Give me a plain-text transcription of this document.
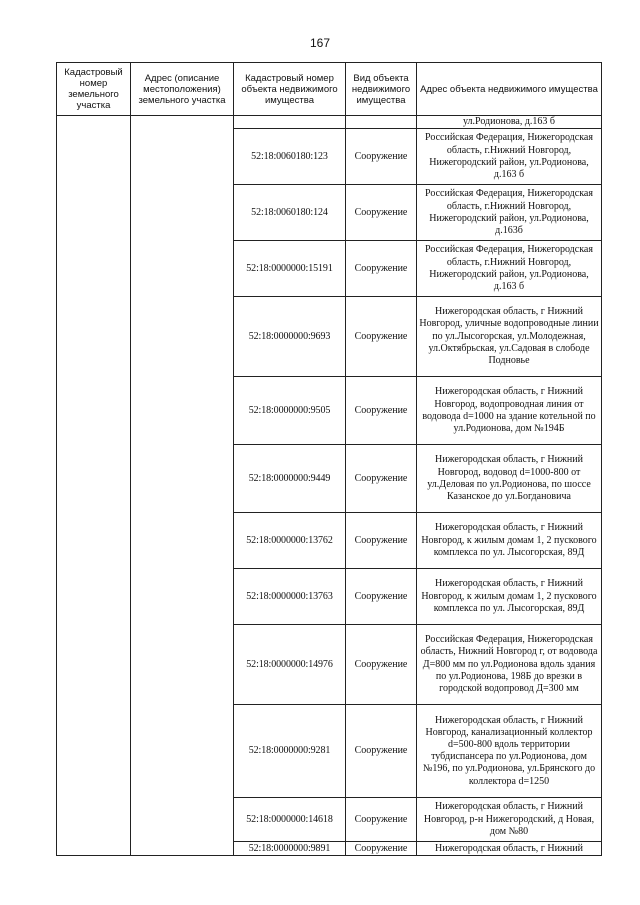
167
Кадастровый номер земельного участка	Адрес (описание местоположения) земельного участка	Кадастровый номер объекта недвижимого имущества	Вид объекта недвижимого имущества	Адрес объекта недвижимого имущества
				ул.Родионова, д.163 б
		52:18:0060180:123	Сооружение	Российская Федерация, Нижегородская область, г.Нижний Новгород, Нижегородский район, ул.Родионова, д.163 б
		52:18:0060180:124	Сооружение	Российская Федерация, Нижегородская область, г.Нижний Новгород, Нижегородский район, ул.Родионова, д.163б
		52:18:0000000:15191	Сооружение	Российская Федерация, Нижегородская область, г.Нижний Новгород, Нижегородский район, ул.Родионова, д.163 б
		52:18:0000000:9693	Сооружение	Нижегородская область, г Нижний Новгород, уличные водопроводные линии по ул.Лысогорская, ул.Молодежная, ул.Октябрьская, ул.Садовая в слободе Подновье
		52:18:0000000:9505	Сооружение	Нижегородская область, г Нижний Новгород, водопроводная линия от водовода d=1000 на здание котельной по ул.Родионова, дом №194Б
		52:18:0000000:9449	Сооружение	Нижегородская область, г Нижний Новгород, водовод d=1000-800 от ул.Деловая по ул.Родионова, по шоссе Казанское до ул.Богдановича
		52:18:0000000:13762	Сооружение	Нижегородская область, г Нижний Новгород, к жилым домам 1, 2 пускового комплекса по ул. Лысогорская, 89Д
		52:18:0000000:13763	Сооружение	Нижегородская область, г Нижний Новгород, к жилым домам 1, 2 пускового комплекса по ул. Лысогорская, 89Д
		52:18:0000000:14976	Сооружение	Российская Федерация, Нижегородская область, Нижний Новгород г, от водовода Д=800 мм по ул.Родионова вдоль здания по ул.Родионова, 198Б до врезки в городской водопровод Д=300 мм
		52:18:0000000:9281	Сооружение	Нижегородская область, г Нижний Новгород, канализационный коллектор d=500-800 вдоль территории тубдиспансера по ул.Родионова, дом №196, по ул.Родионова, ул.Брянского до коллектора d=1250
		52:18:0000000:14618	Сооружение	Нижегородская область, г Нижний Новгород, р-н Нижегородский, д Новая, дом №80
		52:18:0000000:9891	Сооружение	Нижегородская область, г Нижний
